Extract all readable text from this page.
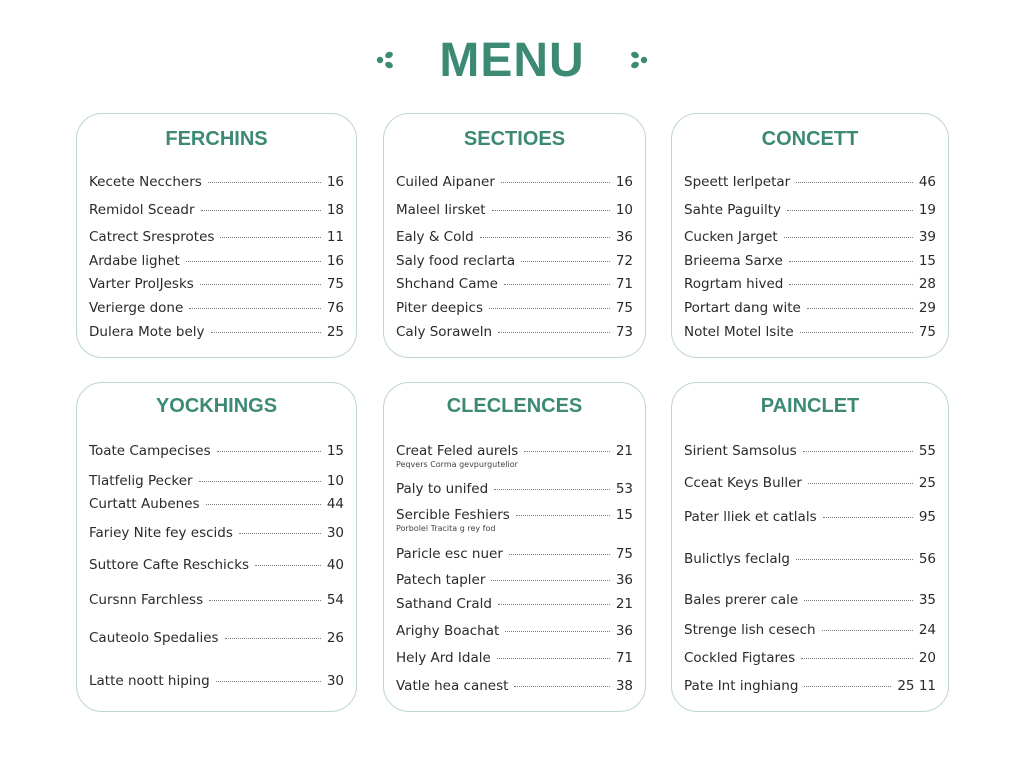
MENU
FERCHINS
Kecete Necchers	16
Remidol Sceadr	18
Catrect Sresprotes	11
Ardabe lighet	16
Varter ProlJesks	75
Verierge done	76
Dulera Mote bely	25
SECTIOES
Cuiled Aipaner	16
Maleel Iirsket	10
Ealy & Cold	36
Saly food reclarta	72
Shchand Came	71
Piter deepics	75
Caly Soraweln	73
CONCETT
Speett Ierlpetar	46
Sahte Paguilty	19
Cucken Jarget	39
Brieema Sarxe	15
Rogrtam hived	28
Portart dang wite	29
Notel Motel lsite	75
YOCKHINGS
Toate Campecises	15
Tlatfelig Pecker	10
Curtatt Aubenes	44
Fariey Nite fey escids	30
Suttore Cafte Reschicks	40
Cursnn Farchless	54
Cauteolo Spedalies	26
Latte noott hiping	30
CLECLENCES
Creat Feled aurels	21
Peqvers Corma gevpurgutelior
Paly to unifed	53
Sercible Feshiers	15
Porbolel Tracita g rey fod
Paricle esc nuer	75
Patech tapler	36
Sathand Crald	21
Arighy Boachat	36
Hely Ard Idale	71
Vatle hea canest	38
PAINCLET
Sirient Samsolus	55
Cceat Keys Buller	25
Pater lliek et catlals	95
Bulictlys feclalg	56
Bales prerer cale	35
Strenge lish cesech	24
Cockled Figtares	20
Pate Int inghiang	25 11
